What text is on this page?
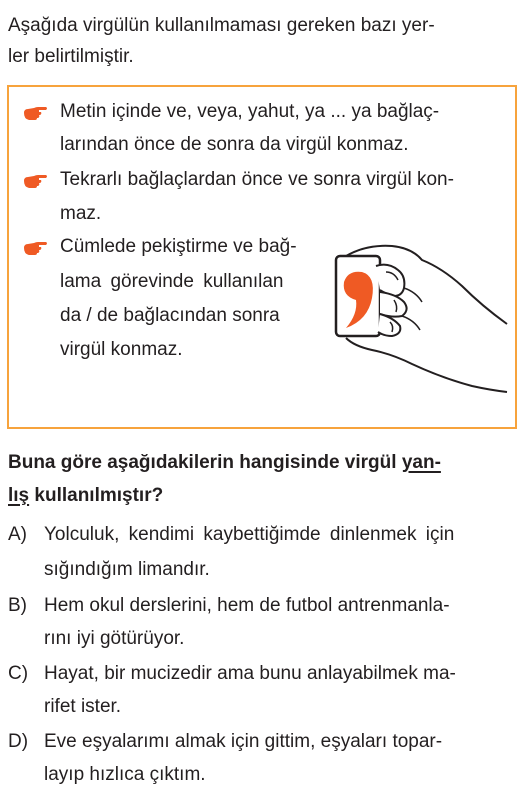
Aşağıda virgülün kullanılmaması gereken bazı yer-
ler belirtilmiştir.
Metin içinde ve, veya, yahut, ya ... ya bağlaç-
larından önce de sonra da virgül konmaz.
Tekrarlı bağlaçlardan önce ve sonra virgül kon-
maz.
Cümlede pekiştirme ve bağ-
lama görevinde kullanılan
da / de bağlacından sonra
virgül konmaz.
Buna göre aşağıdakilerin hangisinde virgül yan-
lış kullanılmıştır?
A) Yolculuk, kendimi kaybettiğimde dinlenmek için
sığındığım limandır.
B) Hem okul derslerini, hem de futbol antrenmanla-
rını iyi götürüyor.
C) Hayat, bir mucizedir ama bunu anlayabilmek ma-
rifet ister.
D) Eve eşyalarımı almak için gittim, eşyaları topar-
layıp hızlıca çıktım.
